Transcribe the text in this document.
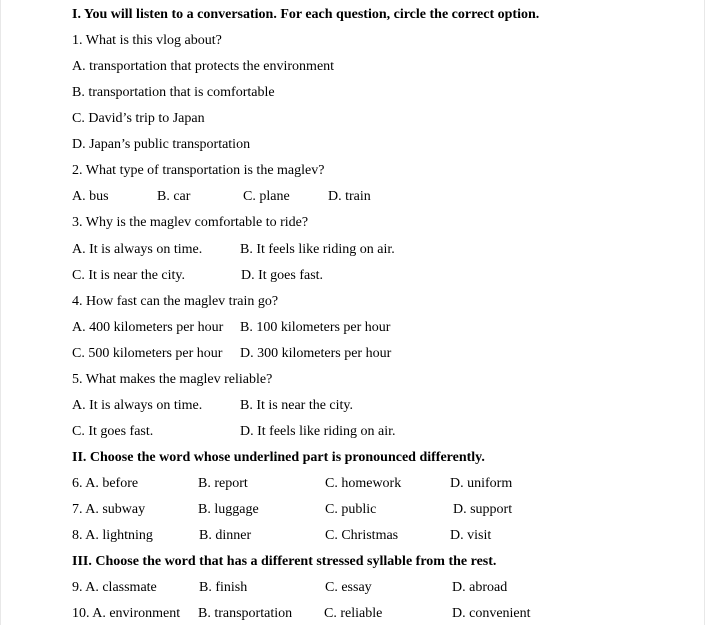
I. You will listen to a conversation. For each question, circle the correct option.
1. What is this vlog about?
A. transportation that protects the environment
B. transportation that is comfortable
C. David’s trip to Japan
D. Japan’s public transportation
2. What type of transportation is the maglev?
A. bus	B. car	C. plane	D. train
3. Why is the maglev comfortable to ride?
A. It is always on time.	B. It feels like riding on air.
C. It is near the city.	D. It goes fast.
4. How fast can the maglev train go?
A. 400 kilometers per hour B. 100 kilometers per hour
C. 500 kilometers per hour D. 300 kilometers per hour
5. What makes the maglev reliable?
A. It is always on time.	B. It is near the city.
C. It goes fast.	D. It feels like riding on air.
II. Choose the word whose underlined part is pronounced differently.
6. A. before	B. report	C. homework	D. uniform
7. A. subway	B. luggage	C. public	D. support
8. A. lightning	B. dinner	C. Christmas	D. visit
III. Choose the word that has a different stressed syllable from the rest.
9. A. classmate	B. finish	C. essay	D. abroad
10. A. environment B. transportation C. reliable	D. convenient
